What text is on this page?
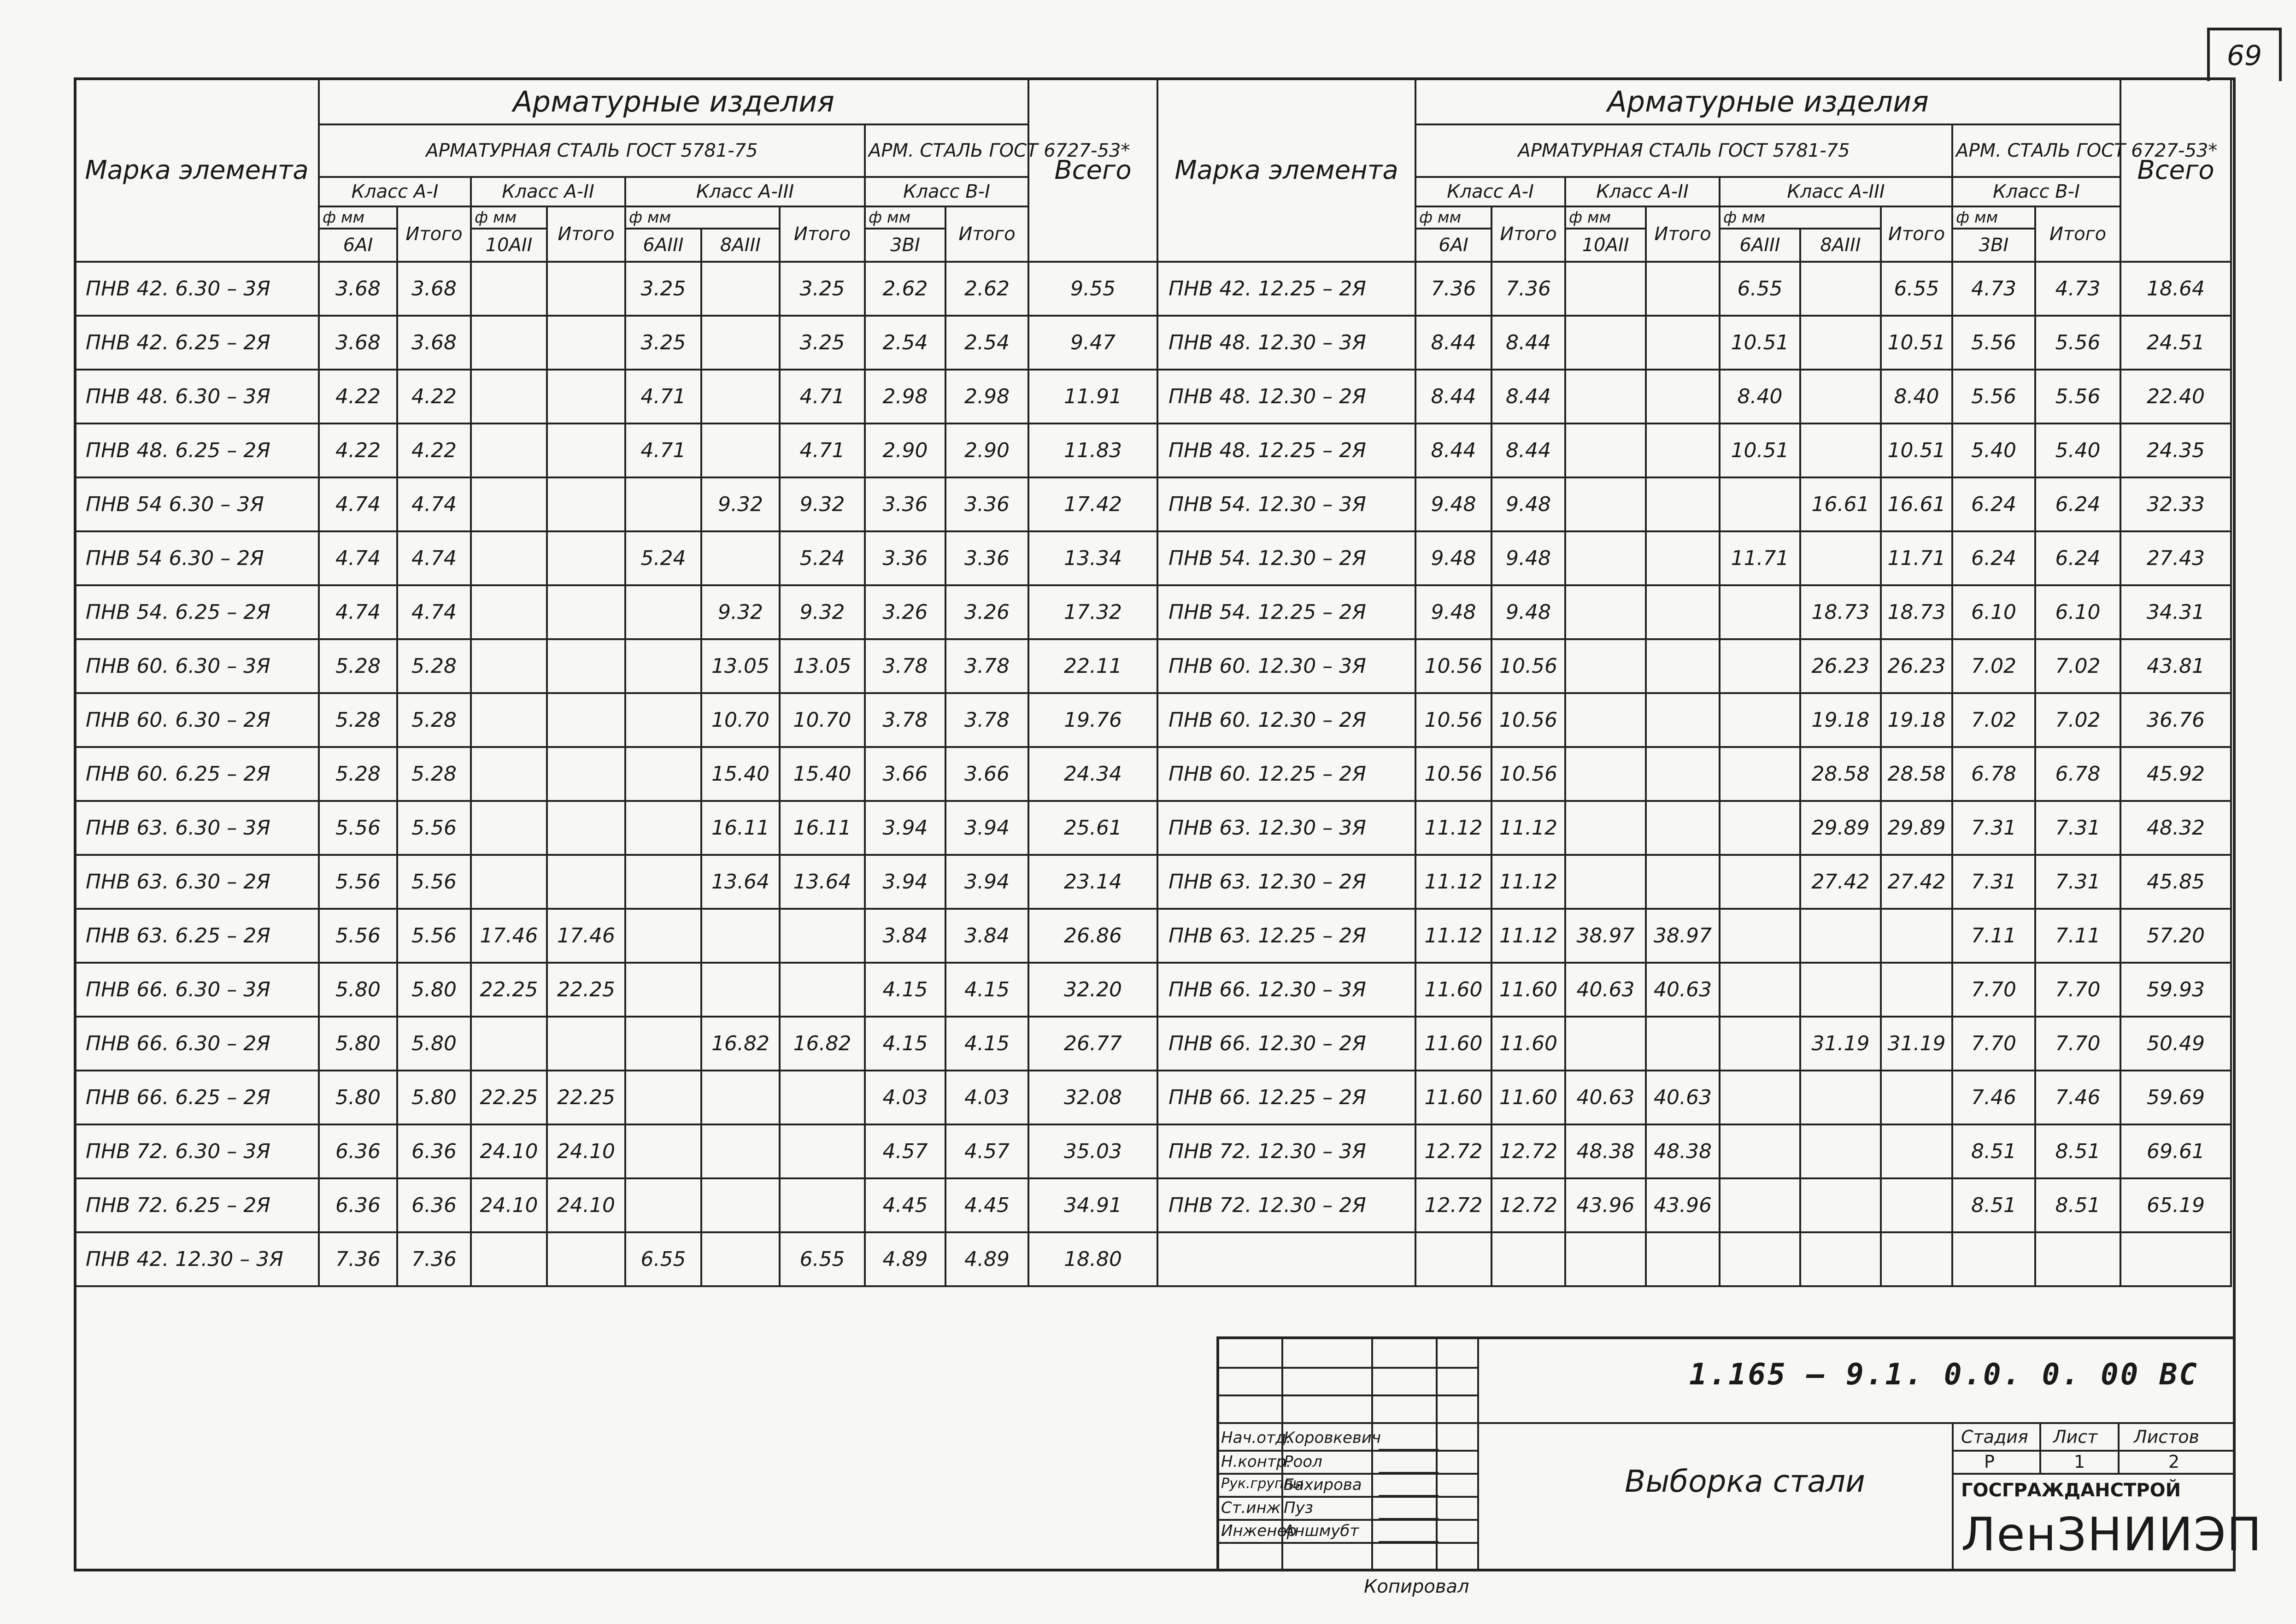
69
Марка элемента	Арматурные изделия									Всего
	АРМАТУРНАЯ СТАЛЬ ГОСТ 5781-75							АРМ. СТАЛЬ ГОСТ 6727-53*		
	Класс А-I		Класс А-II		Класс А-III			Класс В-I		
	ф мм	Итого	ф мм	Итого	ф мм		Итого	ф мм	Итого	
	6АI		10АII		6АIII	8АIII		3ВI		
ПНВ 42. 6.30 – 3Я	3.68	3.68			3.25		3.25	2.62	2.62	9.55
ПНВ 42. 6.25 – 2Я	3.68	3.68			3.25		3.25	2.54	2.54	9.47
ПНВ 48. 6.30 – 3Я	4.22	4.22			4.71		4.71	2.98	2.98	11.91
ПНВ 48. 6.25 – 2Я	4.22	4.22			4.71		4.71	2.90	2.90	11.83
ПНВ 54 6.30 – 3Я	4.74	4.74				9.32	9.32	3.36	3.36	17.42
ПНВ 54 6.30 – 2Я	4.74	4.74			5.24		5.24	3.36	3.36	13.34
ПНВ 54. 6.25 – 2Я	4.74	4.74				9.32	9.32	3.26	3.26	17.32
ПНВ 60. 6.30 – 3Я	5.28	5.28				13.05	13.05	3.78	3.78	22.11
ПНВ 60. 6.30 – 2Я	5.28	5.28				10.70	10.70	3.78	3.78	19.76
ПНВ 60. 6.25 – 2Я	5.28	5.28				15.40	15.40	3.66	3.66	24.34
ПНВ 63. 6.30 – 3Я	5.56	5.56				16.11	16.11	3.94	3.94	25.61
ПНВ 63. 6.30 – 2Я	5.56	5.56				13.64	13.64	3.94	3.94	23.14
ПНВ 63. 6.25 – 2Я	5.56	5.56	17.46	17.46				3.84	3.84	26.86
ПНВ 66. 6.30 – 3Я	5.80	5.80	22.25	22.25				4.15	4.15	32.20
ПНВ 66. 6.30 – 2Я	5.80	5.80				16.82	16.82	4.15	4.15	26.77
ПНВ 66. 6.25 – 2Я	5.80	5.80	22.25	22.25				4.03	4.03	32.08
ПНВ 72. 6.30 – 3Я	6.36	6.36	24.10	24.10				4.57	4.57	35.03
ПНВ 72. 6.25 – 2Я	6.36	6.36	24.10	24.10				4.45	4.45	34.91
ПНВ 42. 12.30 – 3Я	7.36	7.36			6.55		6.55	4.89	4.89	18.80
Марка элемента	Арматурные изделия									Всего
	АРМАТУРНАЯ СТАЛЬ ГОСТ 5781-75							АРМ. СТАЛЬ ГОСТ 6727-53*		
	Класс А-I		Класс А-II		Класс А-III			Класс В-I		
	ф мм	Итого	ф мм	Итого	ф мм		Итого	ф мм	Итого	
	6АI		10АII		6АIII	8АIII		3ВI		
ПНВ 42. 12.25 – 2Я	7.36	7.36			6.55		6.55	4.73	4.73	18.64
ПНВ 48. 12.30 – 3Я	8.44	8.44			10.51		10.51	5.56	5.56	24.51
ПНВ 48. 12.30 – 2Я	8.44	8.44			8.40		8.40	5.56	5.56	22.40
ПНВ 48. 12.25 – 2Я	8.44	8.44			10.51		10.51	5.40	5.40	24.35
ПНВ 54. 12.30 – 3Я	9.48	9.48				16.61	16.61	6.24	6.24	32.33
ПНВ 54. 12.30 – 2Я	9.48	9.48			11.71		11.71	6.24	6.24	27.43
ПНВ 54. 12.25 – 2Я	9.48	9.48				18.73	18.73	6.10	6.10	34.31
ПНВ 60. 12.30 – 3Я	10.56	10.56				26.23	26.23	7.02	7.02	43.81
ПНВ 60. 12.30 – 2Я	10.56	10.56				19.18	19.18	7.02	7.02	36.76
ПНВ 60. 12.25 – 2Я	10.56	10.56				28.58	28.58	6.78	6.78	45.92
ПНВ 63. 12.30 – 3Я	11.12	11.12				29.89	29.89	7.31	7.31	48.32
ПНВ 63. 12.30 – 2Я	11.12	11.12				27.42	27.42	7.31	7.31	45.85
ПНВ 63. 12.25 – 2Я	11.12	11.12	38.97	38.97				7.11	7.11	57.20
ПНВ 66. 12.30 – 3Я	11.60	11.60	40.63	40.63				7.70	7.70	59.93
ПНВ 66. 12.30 – 2Я	11.60	11.60				31.19	31.19	7.70	7.70	50.49
ПНВ 66. 12.25 – 2Я	11.60	11.60	40.63	40.63				7.46	7.46	59.69
ПНВ 72. 12.30 – 3Я	12.72	12.72	48.38	48.38				8.51	8.51	69.61
ПНВ 72. 12.30 – 2Я	12.72	12.72	43.96	43.96				8.51	8.51	65.19

1.165 – 9.1. 0.0. 0. 00 ВС
Выборка стали
Стадия Лист Листов
Р	1	2
ГОСГРАЖДАНСТРОЙ
ЛенЗНИИЭП
Нач.отд.
Коровкевич
Н.контр.
Роол
Рук.группы
Бахирова
Ст.инж.
Пуз
Инженер
Аншмубт
Копировал
